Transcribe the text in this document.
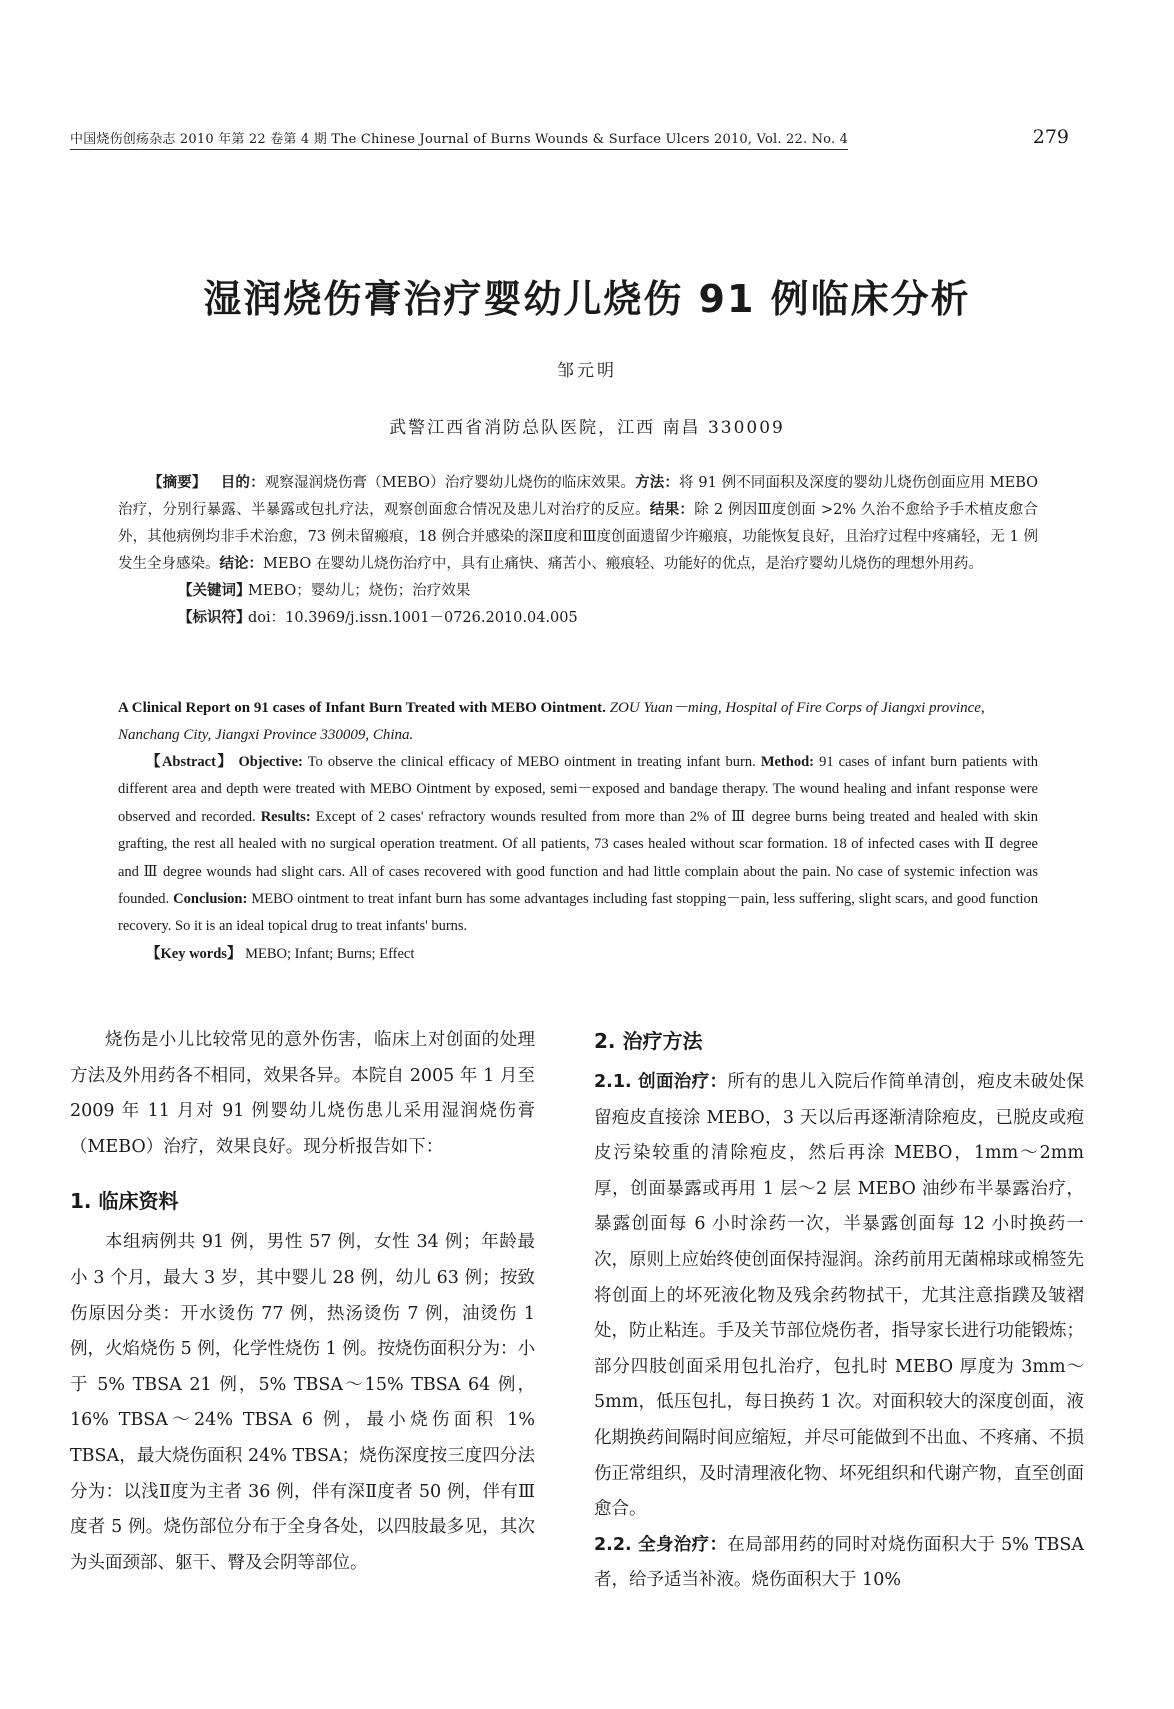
中国烧伤创疡杂志 2010 年第 22 卷第 4 期 The Chinese Journal of Burns Wounds & Surface Ulcers 2010, Vol. 22. No. 4	279
湿润烧伤膏治疗婴幼儿烧伤 91 例临床分析
邹元明
武警江西省消防总队医院，江西 南昌 330009
【摘要】 目的：观察湿润烧伤膏（MEBO）治疗婴幼儿烧伤的临床效果。方法：将 91 例不同面积及深度的婴幼儿烧伤创面应用 MEBO 治疗，分别行暴露、半暴露或包扎疗法，观察创面愈合情况及患儿对治疗的反应。结果：除 2 例因Ⅲ度创面 >2% 久治不愈给予手术植皮愈合外，其他病例均非手术治愈，73 例未留瘢痕，18 例合并感染的深Ⅱ度和Ⅲ度创面遗留少许瘢痕，功能恢复良好，且治疗过程中疼痛轻，无 1 例发生全身感染。结论：MEBO 在婴幼儿烧伤治疗中，具有止痛快、痛苦小、瘢痕轻、功能好的优点，是治疗婴幼儿烧伤的理想外用药。
【关键词】MEBO；婴幼儿；烧伤；治疗效果
【标识符】doi：10.3969/j.issn.1001－0726.2010.04.005
A Clinical Report on 91 cases of Infant Burn Treated with MEBO Ointment. ZOU Yuan－ming, Hospital of Fire Corps of Jiangxi province, Nanchang City, Jiangxi Province 330009, China.

【Abstract】 Objective: To observe the clinical efficacy of MEBO ointment in treating infant burn. Method: 91 cases of infant burn patients with different area and depth were treated with MEBO Ointment by exposed, semi－exposed and bandage therapy. The wound healing and infant response were observed and recorded. Results: Except of 2 cases' refractory wounds resulted from more than 2% of Ⅲ degree burns being treated and healed with skin grafting, the rest all healed with no surgical operation treatment. Of all patients, 73 cases healed without scar formation. 18 of infected cases with Ⅱ degree and Ⅲ degree wounds had slight cars. All of cases recovered with good function and had little complain about the pain. No case of systemic infection was founded. Conclusion: MEBO ointment to treat infant burn has some advantages including fast stopping－pain, less suffering, slight scars, and good function recovery. So it is an ideal topical drug to treat infants' burns.

【Key words】 MEBO; Infant; Burns; Effect

烧伤是小儿比较常见的意外伤害，临床上对创面的处理方法及外用药各不相同，效果各异。本院自 2005 年 1 月至 2009 年 11 月对 91 例婴幼儿烧伤患儿采用湿润烧伤膏（MEBO）治疗，效果良好。现分析报告如下：

1. 临床资料

本组病例共 91 例，男性 57 例，女性 34 例；年龄最小 3 个月，最大 3 岁，其中婴儿 28 例，幼儿 63 例；按致伤原因分类：开水烫伤 77 例，热汤烫伤 7 例，油烫伤 1 例，火焰烧伤 5 例，化学性烧伤 1 例。按烧伤面积分为：小于 5% TBSA 21 例，5% TBSA～15% TBSA 64 例，16% TBSA～24% TBSA 6 例，最小烧伤面积 1% TBSA，最大烧伤面积 24% TBSA；烧伤深度按三度四分法分为：以浅Ⅱ度为主者 36 例，伴有深Ⅱ度者 50 例，伴有Ⅲ度者 5 例。烧伤部位分布于全身各处，以四肢最多见，其次为头面颈部、躯干、臀及会阴等部位。

2. 治疗方法

2.1. 创面治疗：所有的患儿入院后作简单清创，疱皮未破处保留疱皮直接涂 MEBO，3 天以后再逐渐清除疱皮，已脱皮或疱皮污染较重的清除疱皮，然后再涂 MEBO，1mm～2mm 厚，创面暴露或再用 1 层～2 层 MEBO 油纱布半暴露治疗，暴露创面每 6 小时涂药一次，半暴露创面每 12 小时换药一次，原则上应始终使创面保持湿润。涂药前用无菌棉球或棉签先将创面上的坏死液化物及残余药物拭干，尤其注意指蹼及皱褶处，防止粘连。手及关节部位烧伤者，指导家长进行功能锻炼；部分四肢创面采用包扎治疗，包扎时 MEBO 厚度为 3mm～5mm，低压包扎，每日换药 1 次。对面积较大的深度创面，液化期换药间隔时间应缩短，并尽可能做到不出血、不疼痛、不损伤正常组织，及时清理液化物、坏死组织和代谢产物，直至创面愈合。

2.2. 全身治疗：在局部用药的同时对烧伤面积大于 5% TBSA 者，给予适当补液。烧伤面积大于 10%
